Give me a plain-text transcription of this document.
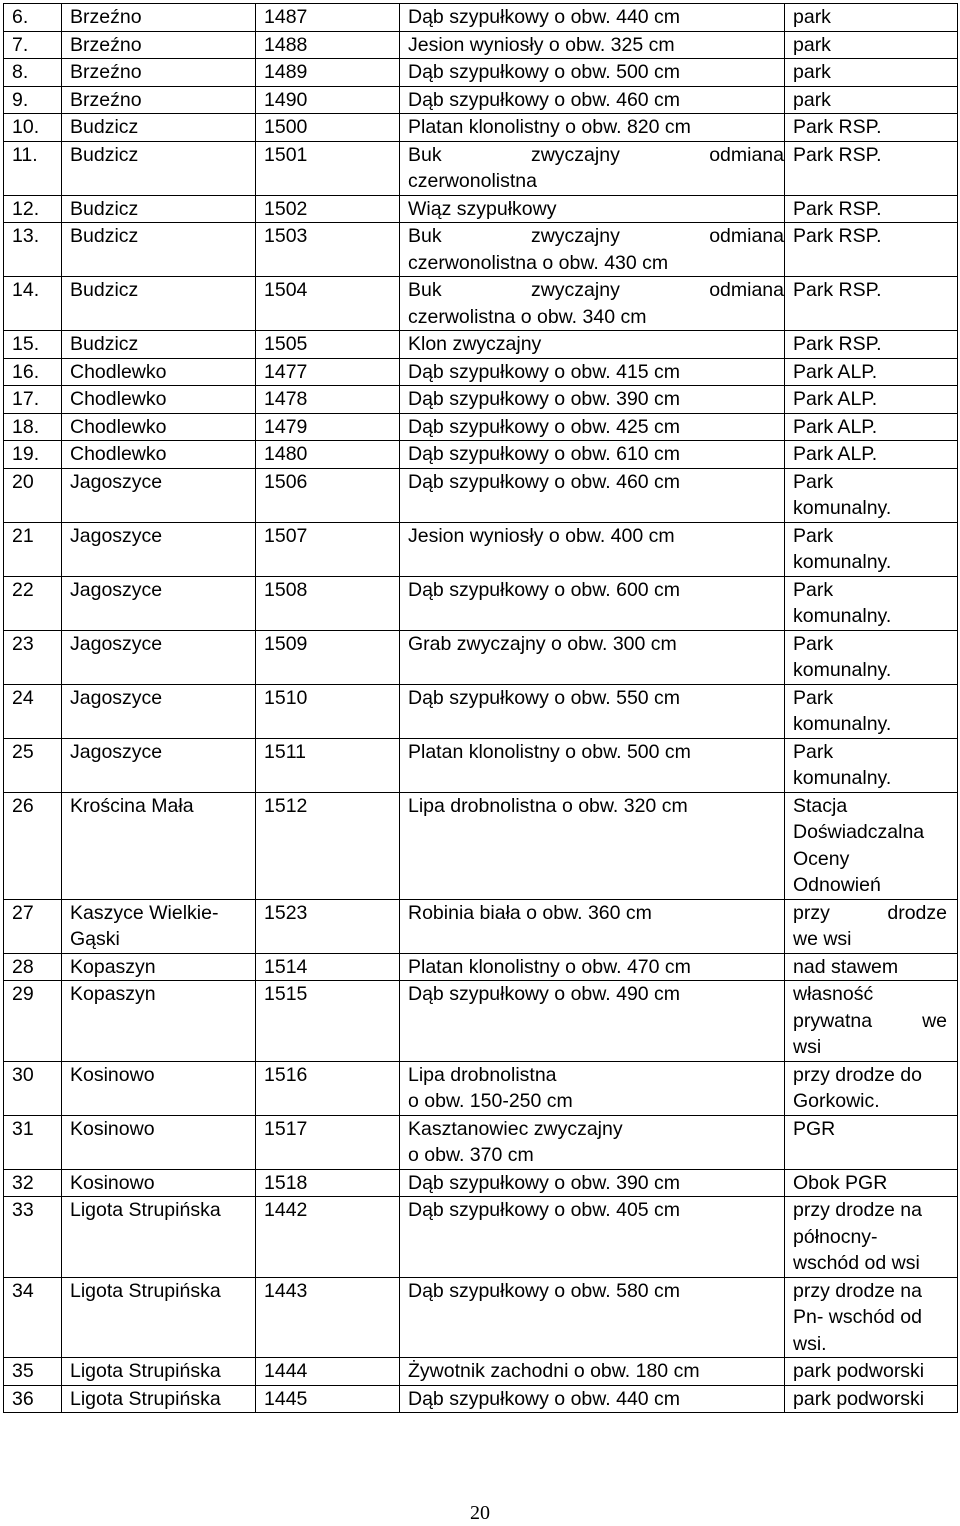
6.	Brzeźno	1487	Dąb szypułkowy o obw. 440 cm	park

7.	Brzeźno	1488	Jesion wyniosły o obw. 325 cm	park

8.	Brzeźno	1489	Dąb szypułkowy o obw. 500 cm	park

9.	Brzeźno	1490	Dąb szypułkowy o obw. 460 cm	park

10.	Budzicz	1500	Platan klonolistny o obw. 820 cm	Park RSP.

11.	Budzicz	1501	Buk zwyczajny odmiana
czerwonolistna	Park RSP.

12.	Budzicz	1502	Wiąz szypułkowy	Park RSP.

13.	Budzicz	1503	Buk zwyczajny odmiana
czerwonolistna o obw. 430 cm	Park RSP.

14.	Budzicz	1504	Buk zwyczajny odmiana
czerwolistna o obw. 340 cm	Park RSP.

15.	Budzicz	1505	Klon zwyczajny	Park RSP.

16.	Chodlewko	1477	Dąb szypułkowy o obw. 415 cm	Park ALP.

17.	Chodlewko	1478	Dąb szypułkowy o obw. 390 cm	Park ALP.

18.	Chodlewko	1479	Dąb szypułkowy o obw. 425 cm	Park ALP.

19.	Chodlewko	1480	Dąb szypułkowy o obw. 610 cm	Park ALP.

20	Jagoszyce	1506	Dąb szypułkowy o obw. 460 cm	Park
komunalny.

21	Jagoszyce	1507	Jesion wyniosły o obw. 400 cm	Park
komunalny.

22	Jagoszyce	1508	Dąb szypułkowy o obw. 600 cm	Park
komunalny.

23	Jagoszyce	1509	Grab zwyczajny o obw. 300 cm	Park
komunalny.

24	Jagoszyce	1510	Dąb szypułkowy o obw. 550 cm	Park
komunalny.

25	Jagoszyce	1511	Platan klonolistny o obw. 500 cm	Park
komunalny.

26	Krościna Mała	1512	Lipa drobnolistna o obw. 320 cm	Stacja
Doświadczalna
Oceny
Odnowień

27	Kaszyce Wielkie-Gąski	1523	Robinia biała o obw. 360 cm	przy drodze
we wsi

28	Kopaszyn	1514	Platan klonolistny o obw. 470 cm	nad stawem

29	Kopaszyn	1515	Dąb szypułkowy o obw. 490 cm	własność
prywatna we
wsi

30	Kosinowo	1516	Lipa drobnolistna
o obw. 150-250 cm	przy drodze do
Gorkowic.

31	Kosinowo	1517	Kasztanowiec zwyczajny
o obw. 370 cm	PGR

32	Kosinowo	1518	Dąb szypułkowy o obw. 390 cm	Obok PGR

33	Ligota Strupińska	1442	Dąb szypułkowy o obw. 405 cm	przy drodze na
północny-
wschód od wsi

34	Ligota Strupińska	1443	Dąb szypułkowy o obw. 580 cm	przy drodze na
Pn- wschód od
wsi.

35	Ligota Strupińska	1444	Żywotnik zachodni o obw. 180 cm	park podworski

36	Ligota Strupińska	1445	Dąb szypułkowy o obw. 440 cm	park podworski
20
